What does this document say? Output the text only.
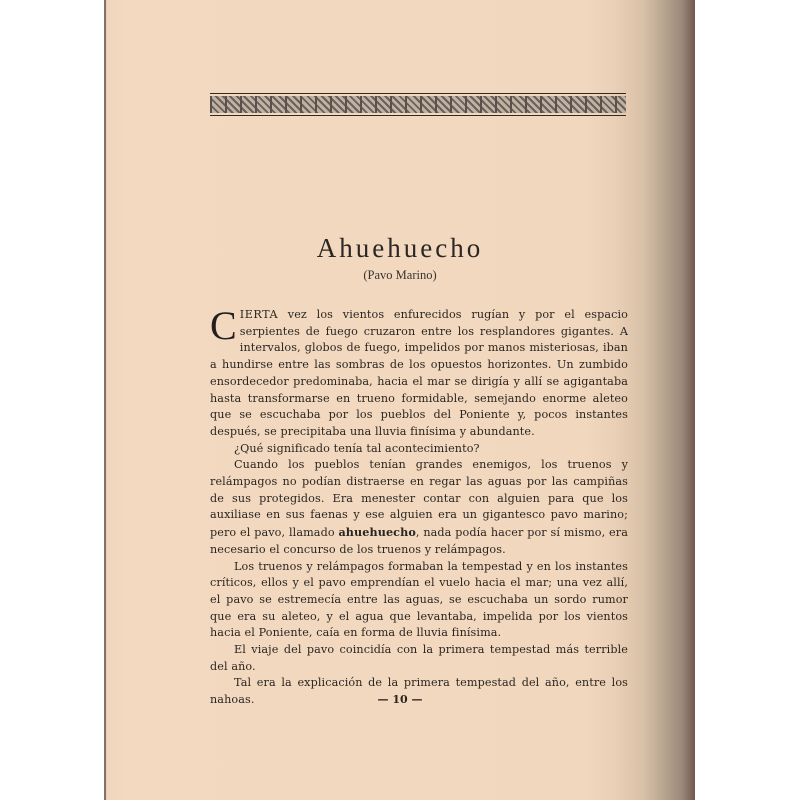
Ahuehuecho
(Pavo Marino)

CIERTA vez los vientos enfurecidos rugían y por el espacio serpientes de fuego cruzaron entre los resplandores gigantes. A intervalos, globos de fuego, impelidos por manos misteriosas, iban a hundirse entre las sombras de los opuestos horizontes. Un zumbido ensordecedor predominaba, hacia el mar se dirigía y allí se agigantaba hasta transformarse en trueno formidable, semejando enorme aleteo que se escuchaba por los pueblos del Poniente y, pocos instantes después, se precipitaba una lluvia finísima y abundante.

¿Qué significado tenía tal acontecimiento?

Cuando los pueblos tenían grandes enemigos, los truenos y relámpagos no podían distraerse en regar las aguas por las campiñas de sus protegidos. Era menester contar con alguien para que los auxiliase en sus faenas y ese alguien era un gigantesco pavo marino; pero el pavo, llamado ahuehuecho, nada podía hacer por sí mismo, era necesario el concurso de los truenos y relámpagos.

Los truenos y relámpagos formaban la tempestad y en los instantes críticos, ellos y el pavo emprendían el vuelo hacia el mar; una vez allí, el pavo se estremecía entre las aguas, se escuchaba un sordo rumor que era su aleteo, y el agua que levantaba, impelida por los vientos hacia el Poniente, caía en forma de lluvia finísima.

El viaje del pavo coincidía con la primera tempestad más terrible del año.

Tal era la explicación de la primera tempestad del año, entre los nahoas.	— 10 —
